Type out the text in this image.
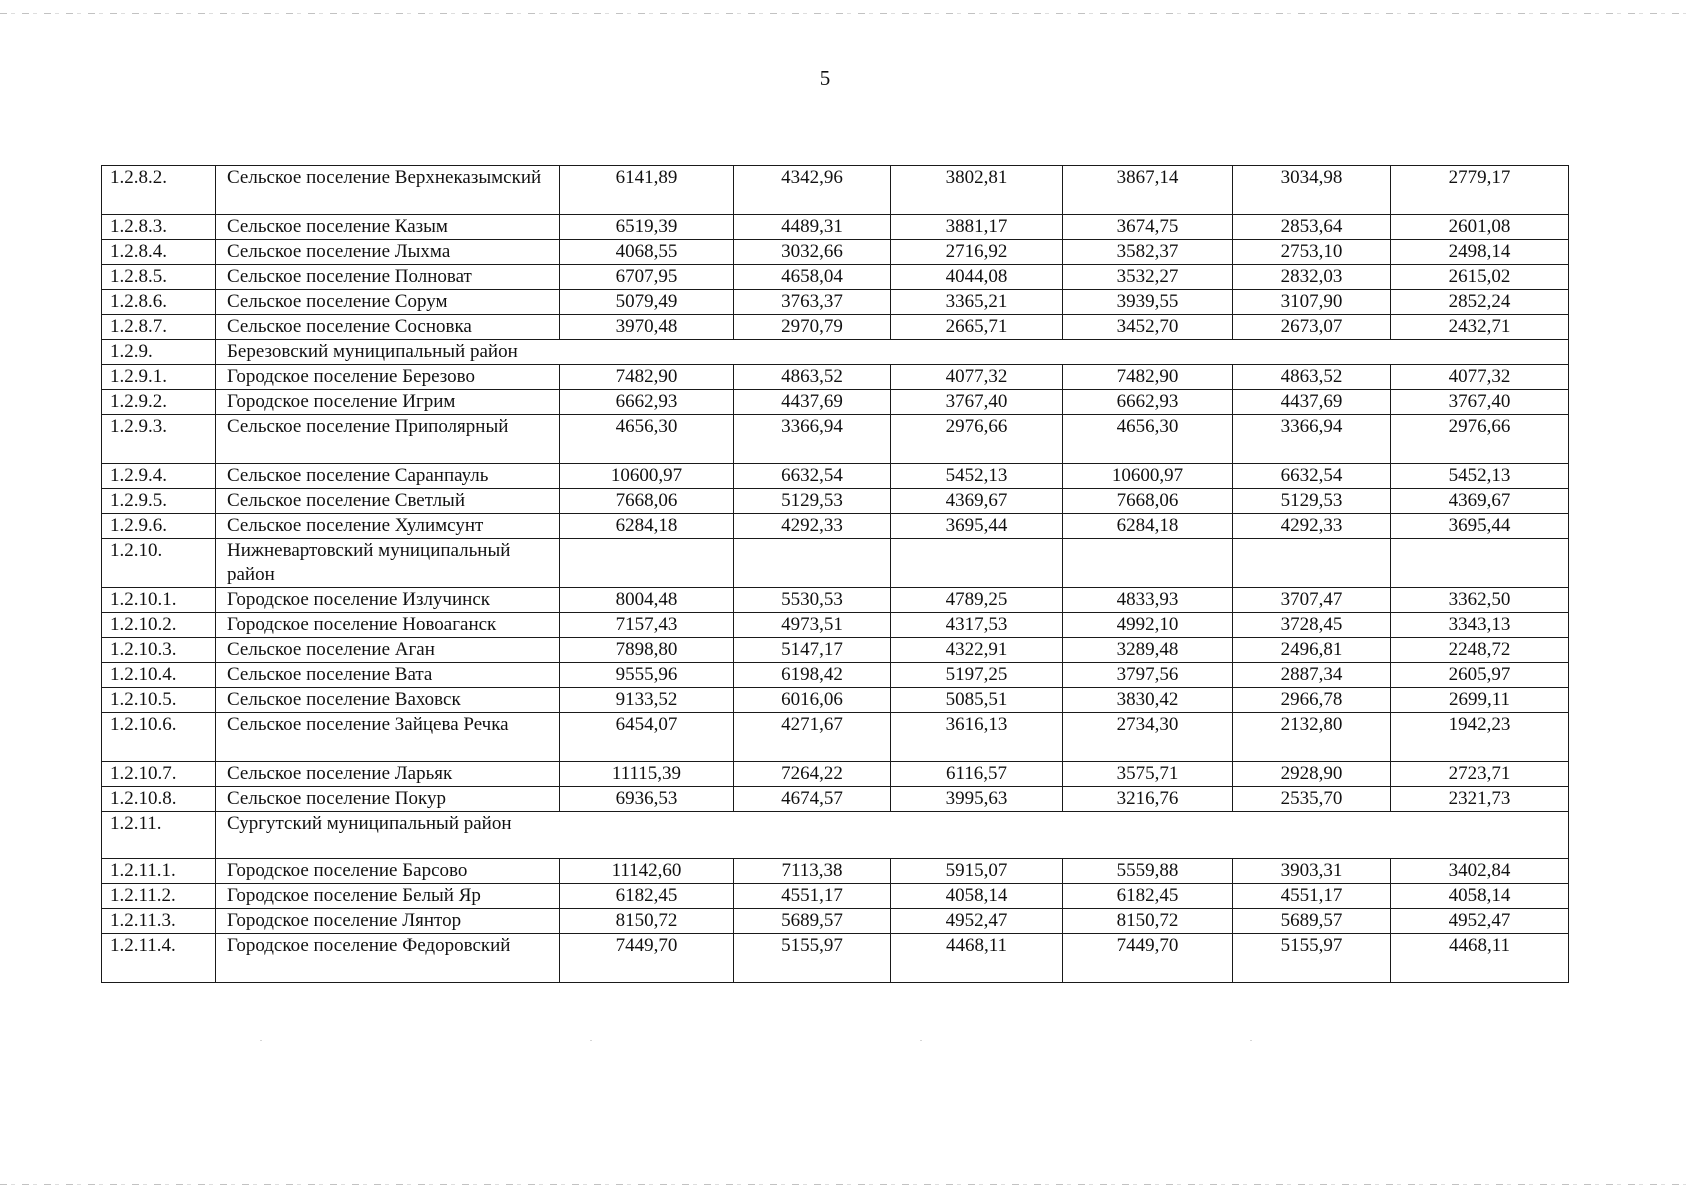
5
1.2.8.2.	Сельское поселение Верхнеказымский	6141,89	4342,96	3802,81	3867,14	3034,98	2779,17
1.2.8.3.	Сельское поселение Казым	6519,39	4489,31	3881,17	3674,75	2853,64	2601,08
1.2.8.4.	Сельское поселение Лыхма	4068,55	3032,66	2716,92	3582,37	2753,10	2498,14
1.2.8.5.	Сельское поселение Полноват	6707,95	4658,04	4044,08	3532,27	2832,03	2615,02
1.2.8.6.	Сельское поселение Сорум	5079,49	3763,37	3365,21	3939,55	3107,90	2852,24
1.2.8.7.	Сельское поселение Сосновка	3970,48	2970,79	2665,71	3452,70	2673,07	2432,71
1.2.9.	Березовский муниципальный район						
1.2.9.1.	Городское поселение Березово	7482,90	4863,52	4077,32	7482,90	4863,52	4077,32
1.2.9.2.	Городское поселение Игрим	6662,93	4437,69	3767,40	6662,93	4437,69	3767,40
1.2.9.3.	Сельское поселение Приполярный	4656,30	3366,94	2976,66	4656,30	3366,94	2976,66
1.2.9.4.	Сельское поселение Саранпауль	10600,97	6632,54	5452,13	10600,97	6632,54	5452,13
1.2.9.5.	Сельское поселение Светлый	7668,06	5129,53	4369,67	7668,06	5129,53	4369,67
1.2.9.6.	Сельское поселение Хулимсунт	6284,18	4292,33	3695,44	6284,18	4292,33	3695,44
1.2.10.	Нижневартовский муниципальный район						
1.2.10.1.	Городское поселение Излучинск	8004,48	5530,53	4789,25	4833,93	3707,47	3362,50
1.2.10.2.	Городское поселение Новоаганск	7157,43	4973,51	4317,53	4992,10	3728,45	3343,13
1.2.10.3.	Сельское поселение Аган	7898,80	5147,17	4322,91	3289,48	2496,81	2248,72
1.2.10.4.	Сельское поселение Вата	9555,96	6198,42	5197,25	3797,56	2887,34	2605,97
1.2.10.5.	Сельское поселение Ваховск	9133,52	6016,06	5085,51	3830,42	2966,78	2699,11
1.2.10.6.	Сельское поселение Зайцева Речка	6454,07	4271,67	3616,13	2734,30	2132,80	1942,23
1.2.10.7.	Сельское поселение Ларьяк	11115,39	7264,22	6116,57	3575,71	2928,90	2723,71
1.2.10.8.	Сельское поселение Покур	6936,53	4674,57	3995,63	3216,76	2535,70	2321,73
1.2.11.	Сургутский муниципальный район						
1.2.11.1.	Городское поселение Барсово	11142,60	7113,38	5915,07	5559,88	3903,31	3402,84
1.2.11.2.	Городское поселение Белый Яр	6182,45	4551,17	4058,14	6182,45	4551,17	4058,14
1.2.11.3.	Городское поселение Лянтор	8150,72	5689,57	4952,47	8150,72	5689,57	4952,47
1.2.11.4.	Городское поселение Федоровский	7449,70	5155,97	4468,11	7449,70	5155,97	4468,11
